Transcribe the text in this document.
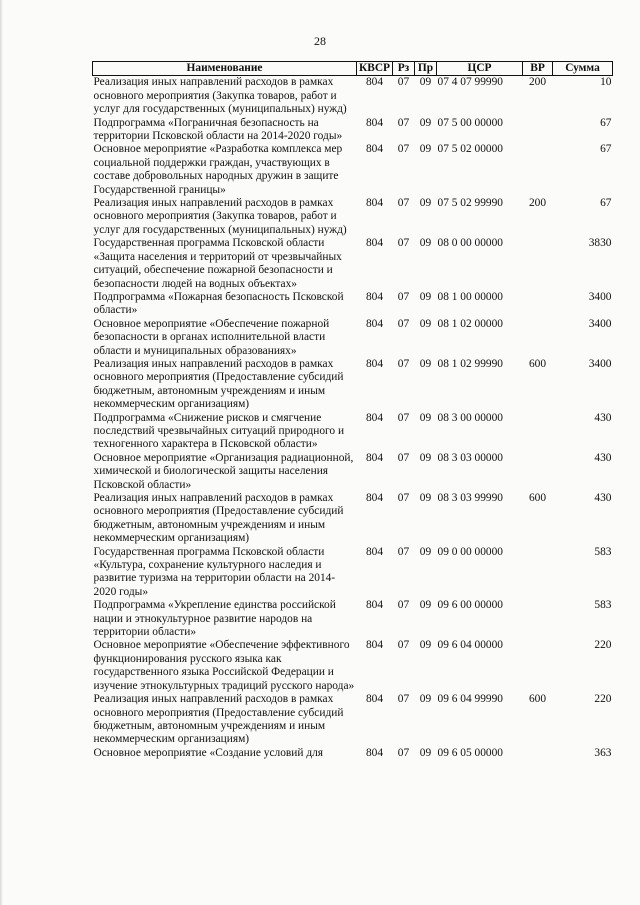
28
Наименование	КВСР	Рз	Пр	ЦСР	ВР	Сумма
Реализация иных направлений расходов в рамках основного мероприятия (Закупка товаров, работ и услуг для государственных (муниципальных) нужд)	804	07	09	07 4 07 99990	200	10
Подпрограмма «Пограничная безопасность на территории Псковской области на 2014-2020 годы»	804	07	09	07 5 00 00000		67
Основное мероприятие «Разработка комплекса мер социальной поддержки граждан, участвующих в составе добровольных народных дружин в защите Государственной границы»	804	07	09	07 5 02 00000		67
Реализация иных направлений расходов в рамках основного мероприятия (Закупка товаров, работ и услуг для государственных (муниципальных) нужд)	804	07	09	07 5 02 99990	200	67
Государственная программа Псковской области «Защита населения и территорий от чрезвычайных ситуаций, обеспечение пожарной безопасности и безопасности людей на водных объектах»	804	07	09	08 0 00 00000		3830
Подпрограмма «Пожарная безопасность Псковской области»	804	07	09	08 1 00 00000		3400
Основное мероприятие «Обеспечение пожарной безопасности в органах исполнительной власти области и муниципальных образованиях»	804	07	09	08 1 02 00000		3400
Реализация иных направлений расходов в рамках основного мероприятия (Предоставление субсидий бюджетным, автономным учреждениям и иным некоммерческим организациям)	804	07	09	08 1 02 99990	600	3400
Подпрограмма «Снижение рисков и смягчение последствий чрезвычайных ситуаций природного и техногенного характера в Псковской области»	804	07	09	08 3 00 00000		430
Основное мероприятие «Организация радиационной, химической и биологической защиты населения Псковской области»	804	07	09	08 3 03 00000		430
Реализация иных направлений расходов в рамках основного мероприятия (Предоставление субсидий бюджетным, автономным учреждениям и иным некоммерческим организациям)	804	07	09	08 3 03 99990	600	430
Государственная программа Псковской области «Культура, сохранение культурного наследия и развитие туризма на территории области на 2014-2020 годы»	804	07	09	09 0 00 00000		583
Подпрограмма «Укрепление единства российской нации и этнокультурное развитие народов на территории области»	804	07	09	09 6 00 00000		583
Основное мероприятие «Обеспечение эффективного функционирования русского языка как государственного языка Российской Федерации и изучение этнокультурных традиций русского народа»	804	07	09	09 6 04 00000		220
Реализация иных направлений расходов в рамках основного мероприятия (Предоставление субсидий бюджетным, автономным учреждениям и иным некоммерческим организациям)	804	07	09	09 6 04 99990	600	220
Основное мероприятие «Создание условий для	804	07	09	09 6 05 00000		363
